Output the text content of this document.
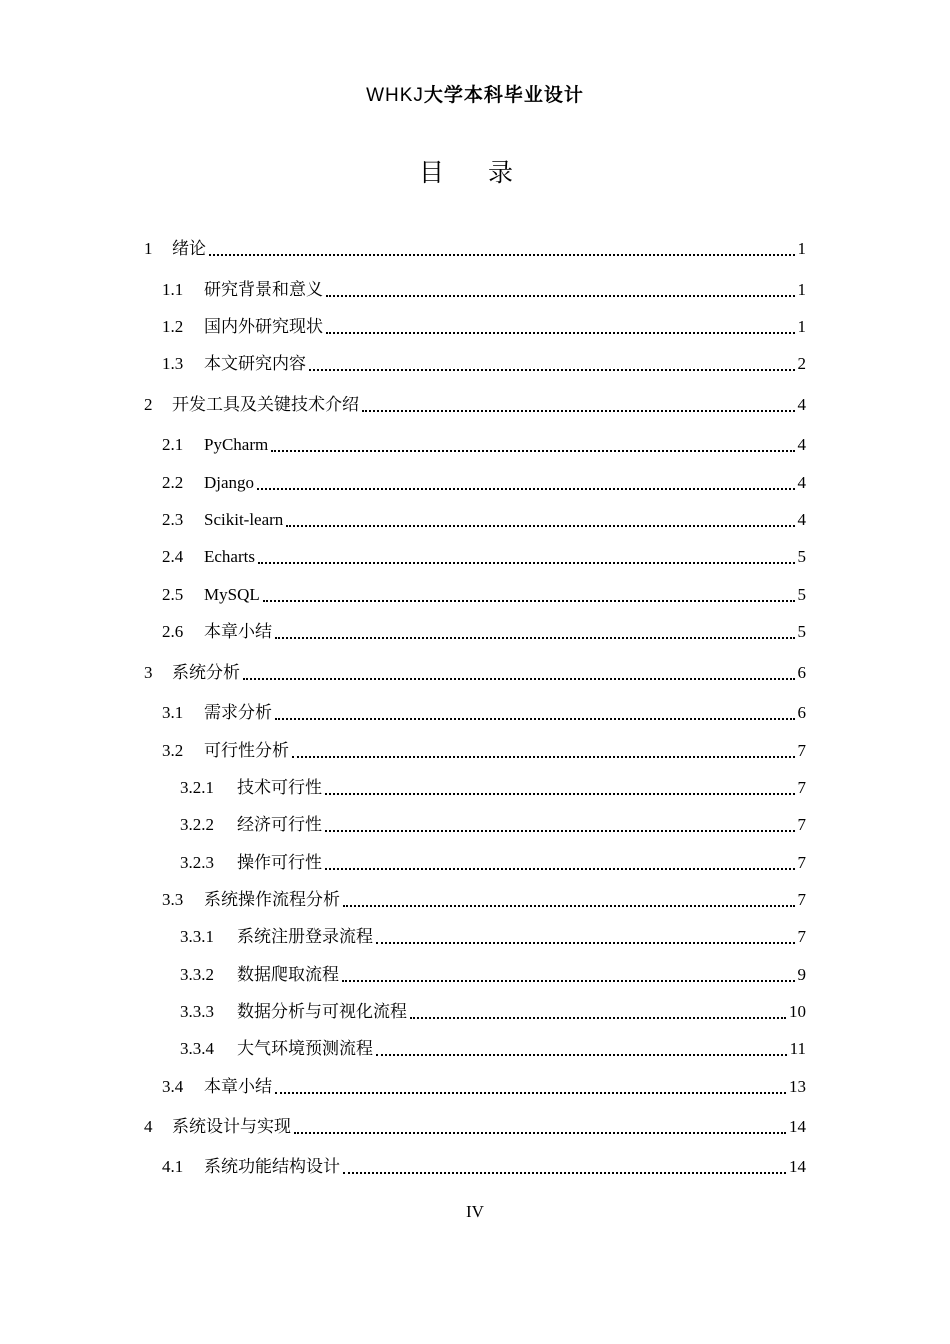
WHKJ大学本科毕业设计
目 录
1	绪论	1
1.1	研究背景和意义	1
1.2	国内外研究现状	1
1.3	本文研究内容	2
2	开发工具及关键技术介绍	4
2.1	PyCharm	4
2.2	Django	4
2.3	Scikit-learn	4
2.4	Echarts	5
2.5	MySQL	5
2.6	本章小结	5
3	系统分析	6
3.1	需求分析	6
3.2	可行性分析	7
3.2.1	技术可行性	7
3.2.2	经济可行性	7
3.2.3	操作可行性	7
3.3	系统操作流程分析	7
3.3.1	系统注册登录流程	7
3.3.2	数据爬取流程	9
3.3.3	数据分析与可视化流程	10
3.3.4	大气环境预测流程	11
3.4	本章小结	13
4	系统设计与实现	14
4.1	系统功能结构设计	14
IV
